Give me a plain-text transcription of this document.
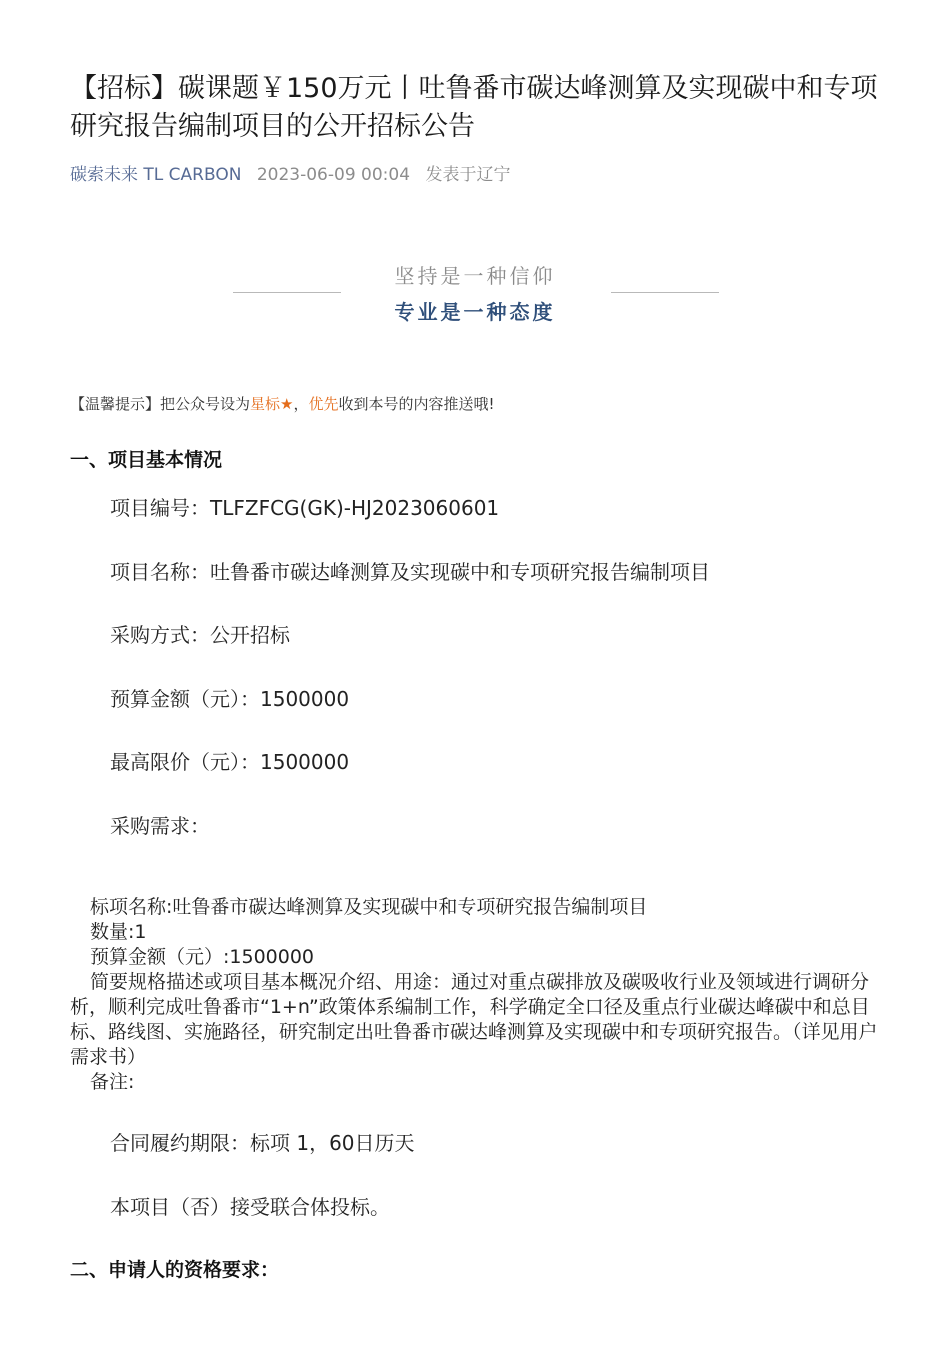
【招标】碳课题￥150万元丨吐鲁番市碳达峰测算及实现碳中和专项研究报告编制项目的公开招标公告
碳索未来 TL CARBON 2023-06-09 00:04 发表于辽宁
坚持是一种信仰
专业是一种态度
【温馨提示】把公众号设为星标★，优先收到本号的内容推送哦!
一、项目基本情况
项目编号：TLFZFCG(GK)-HJ2023060601
项目名称：吐鲁番市碳达峰测算及实现碳中和专项研究报告编制项目
采购方式：公开招标
预算金额（元）：1500000
最高限价（元）：1500000
采购需求：

标项名称:吐鲁番市碳达峰测算及实现碳中和专项研究报告编制项目

数量:1

预算金额（元）:1500000

简要规格描述或项目基本概况介绍、用途：通过对重点碳排放及碳吸收行业及领域进行调研分析，顺利完成吐鲁番市“1+n”政策体系编制工作，科学确定全口径及重点行业碳达峰碳中和总目标、路线图、实施路径，研究制定出吐鲁番市碳达峰测算及实现碳中和专项研究报告。（详见用户需求书）

备注:

合同履约期限：标项 1，60日历天
本项目（否）接受联合体投标。
二、申请人的资格要求：
